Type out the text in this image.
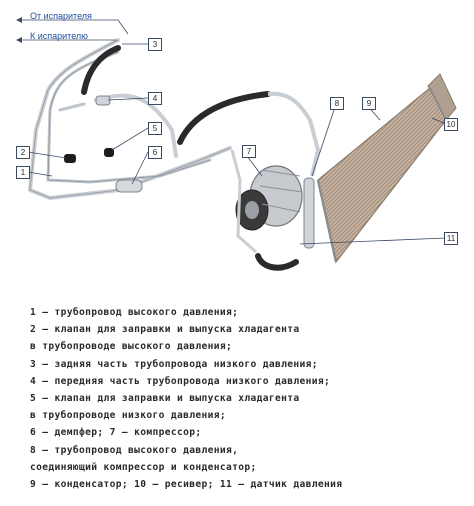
От испарителя
К испарителю
3
4
5
6
2
1
7
8	9
10
11
1 – трубопровод высокого давления;
2 – клапан для заправки и выпуска хладагента
в трубопроводе высокого давления;
3 – задняя часть трубопровода низкого давления;
4 – передняя часть трубопровода низкого давления;
5 – клапан для заправки и выпуска хладагента
в трубопроводе низкого давления;
6 – демпфер; 7 – компрессор;
8 – трубопровод высокого давления,
соединяющий компрессор и конденсатор;
9 – конденсатор; 10 – ресивер; 11 – датчик давления
